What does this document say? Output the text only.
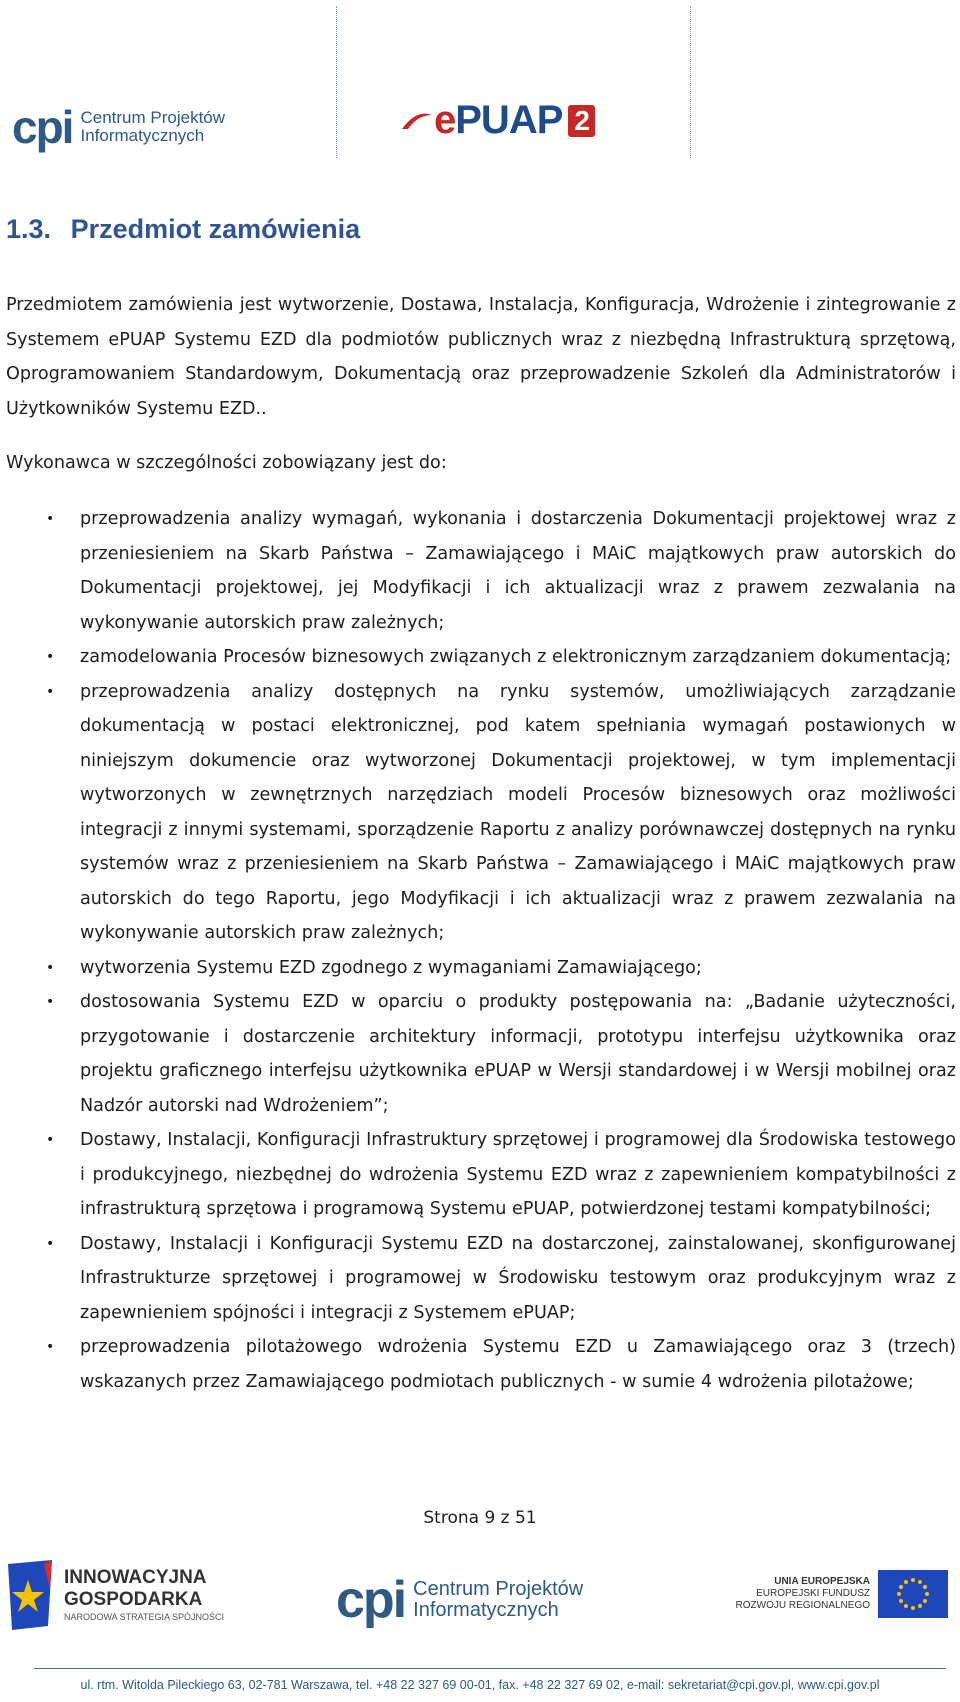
cpi Centrum Projektów
Informatycznych	e PUAP 2
1.3. Przedmiot zamówienia

Przedmiotem zamówienia jest wytworzenie, Dostawa, Instalacja, Konfiguracja, Wdrożenie i zintegrowanie z Systemem ePUAP Systemu EZD dla podmiotów publicznych wraz z niezbędną Infrastrukturą sprzętową, Oprogramowaniem Standardowym, Dokumentacją oraz przeprowadzenie Szkoleń dla Administratorów i Użytkowników Systemu EZD..

Wykonawca w szczególności zobowiązany jest do:

• przeprowadzenia analizy wymagań, wykonania i dostarczenia Dokumentacji projektowej wraz z przeniesieniem na Skarb Państwa – Zamawiającego i MAiC majątkowych praw autorskich do Dokumentacji projektowej, jej Modyfikacji i ich aktualizacji wraz z prawem zezwalania na wykonywanie autorskich praw zależnych;
• zamodelowania Procesów biznesowych związanych z elektronicznym zarządzaniem dokumentacją;
• przeprowadzenia analizy dostępnych na rynku systemów, umożliwiających zarządzanie dokumentacją w postaci elektronicznej, pod katem spełniania wymagań postawionych w niniejszym dokumencie oraz wytworzonej Dokumentacji projektowej, w tym implementacji wytworzonych w zewnętrznych narzędziach modeli Procesów biznesowych oraz możliwości integracji z innymi systemami, sporządzenie Raportu z analizy porównawczej dostępnych na rynku systemów wraz z przeniesieniem na Skarb Państwa – Zamawiającego i MAiC majątkowych praw autorskich do tego Raportu, jego Modyfikacji i ich aktualizacji wraz z prawem zezwalania na wykonywanie autorskich praw zależnych;
• wytworzenia Systemu EZD zgodnego z wymaganiami Zamawiającego;
• dostosowania Systemu EZD w oparciu o produkty postępowania na: „Badanie użyteczności, przygotowanie i dostarczenie architektury informacji, prototypu interfejsu użytkownika oraz projektu graficznego interfejsu użytkownika ePUAP w Wersji standardowej i w Wersji mobilnej oraz Nadzór autorski nad Wdrożeniem”;
• Dostawy, Instalacji, Konfiguracji Infrastruktury sprzętowej i programowej dla Środowiska testowego i produkcyjnego, niezbędnej do wdrożenia Systemu EZD wraz z zapewnieniem kompatybilności z infrastrukturą sprzętowa i programową Systemu ePUAP, potwierdzonej testami kompatybilności;
• Dostawy, Instalacji i Konfiguracji Systemu EZD na dostarczonej, zainstalowanej, skonfigurowanej Infrastrukturze sprzętowej i programowej w Środowisku testowym oraz produkcyjnym wraz z zapewnieniem spójności i integracji z Systemem ePUAP;
• przeprowadzenia pilotażowego wdrożenia Systemu EZD u Zamawiającego oraz 3 (trzech) wskazanych przez Zamawiającego podmiotach publicznych - w sumie 4 wdrożenia pilotażowe;
Strona 9 z 51
INNOWACYJNA
GOSPODARKA
NARODOWA STRATEGIA SPÓJNOŚCI cpi Centrum Projektów
Informatycznych
UNIA EUROPEJSKA
EUROPEJSKI FUNDUSZ
ROZWOJU REGIONALNEGO
ul. rtm. Witolda Pileckiego 63, 02-781 Warszawa, tel. +48 22 327 69 00-01, fax. +48 22 327 69 02, e-mail: sekretariat@cpi.gov.pl, www.cpi.gov.pl
